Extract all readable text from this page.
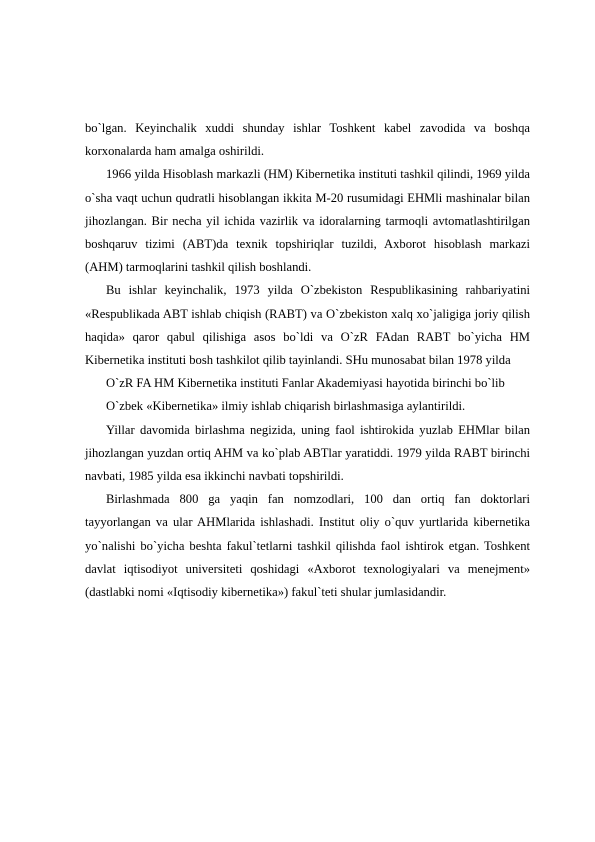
bo`lgan. Keyinchalik xuddi shunday ishlar Toshkent kabel zavodida va boshqa korxonalarda ham amalga oshirildi.

1966 yilda Hisoblash markazli (HM) Kibernetika instituti tashkil qilindi, 1969 yilda o`sha vaqt uchun qudratli hisoblangan ikkita M-20 rusumidagi EHMli mashinalar bilan jihozlangan. Bir necha yil ichida vazirlik va idoralarning tarmoqli avtomatlashtirilgan boshqaruv tizimi (ABT)da texnik topshiriqlar tuzildi, Axborot hisoblash markazi (AHM) tarmoqlarini tashkil qilish boshlandi.

Bu ishlar keyinchalik, 1973 yilda O`zbekiston Respublikasining rahbariyatini «Respublikada ABT ishlab chiqish (RABT) va O`zbekiston xalq xo`jaligiga joriy qilish haqida» qaror qabul qilishiga asos bo`ldi va O`zR FAdan RABT bo`yicha HM Kibernetika instituti bosh tashkilot qilib tayinlandi. SHu munosabat bilan 1978 yilda

O`zR FA HM Kibernetika instituti Fanlar Akademiyasi hayotida birinchi bo`lib

O`zbek «Kibernetika» ilmiy ishlab chiqarish birlashmasiga aylantirildi.

Yillar davomida birlashma negizida, uning faol ishtirokida yuzlab EHMlar bilan jihozlangan yuzdan ortiq AHM va ko`plab ABTlar yaratiddi. 1979 yilda RABT birinchi navbati, 1985 yilda esa ikkinchi navbati topshirildi.

Birlashmada 800 ga yaqin fan nomzodlari, 100 dan ortiq fan doktorlari tayyorlangan va ular AHMlarida ishlashadi. Institut oliy o`quv yurtlarida kibernetika yo`nalishi bo`yicha beshta fakul`tetlarni tashkil qilishda faol ishtirok etgan. Toshkent davlat iqtisodiyot universiteti qoshidagi «Axborot texnologiyalari va menejment» (dastlabki nomi «Iqtisodiy kibernetika») fakul`teti shular jumlasidandir.
